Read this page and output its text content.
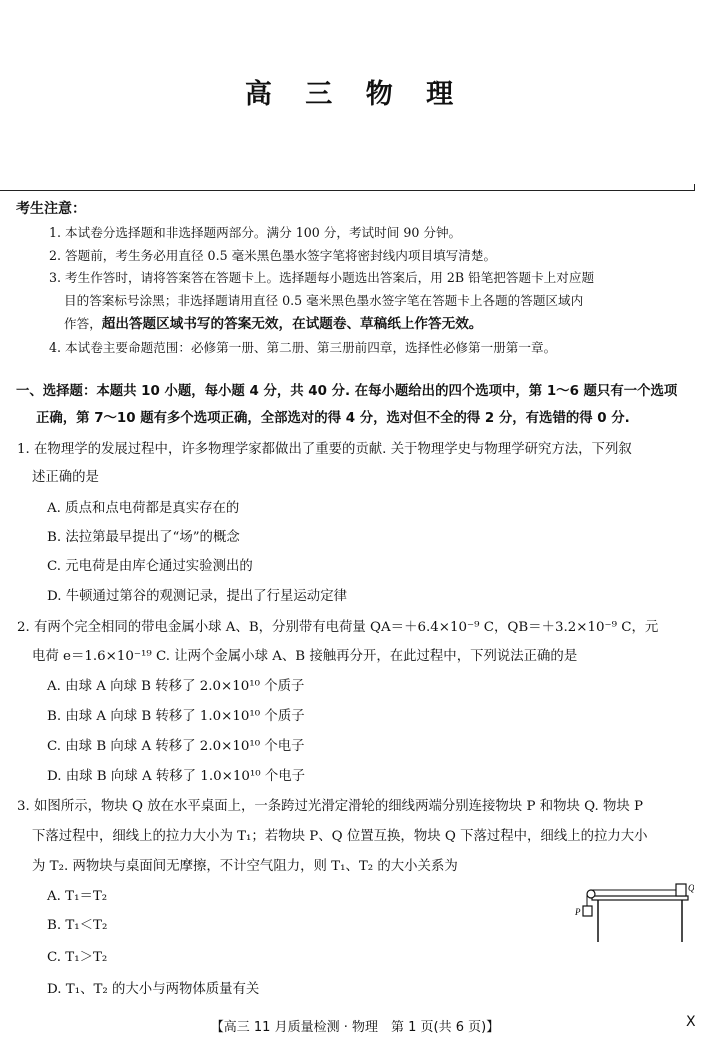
高 三 物 理
考生注意：
1. 本试卷分选择题和非选择题两部分。满分 100 分，考试时间 90 分钟。
2. 答题前，考生务必用直径 0.5 毫米黑色墨水签字笔将密封线内项目填写清楚。
3. 考生作答时，请将答案答在答题卡上。选择题每小题选出答案后，用 2B 铅笔把答题卡上对应题
目的答案标号涂黑；非选择题请用直径 0.5 毫米黑色墨水签字笔在答题卡上各题的答题区域内
作答，超出答题区域书写的答案无效，在试题卷、草稿纸上作答无效。
4. 本试卷主要命题范围：必修第一册、第二册、第三册前四章，选择性必修第一册第一章。
一、选择题：本题共 10 小题，每小题 4 分，共 40 分. 在每小题给出的四个选项中，第 1～6 题只有一个选项
正确，第 7～10 题有多个选项正确，全部选对的得 4 分，选对但不全的得 2 分，有选错的得 0 分.
1. 在物理学的发展过程中，许多物理学家都做出了重要的贡献. 关于物理学史与物理学研究方法，下列叙
述正确的是
A. 质点和点电荷都是真实存在的
B. 法拉第最早提出了“场”的概念
C. 元电荷是由库仑通过实验测出的
D. 牛顿通过第谷的观测记录，提出了行星运动定律
2. 有两个完全相同的带电金属小球 A、B，分别带有电荷量 QA＝＋6.4×10⁻⁹ C，QB＝＋3.2×10⁻⁹ C，元
电荷 e＝1.6×10⁻¹⁹ C. 让两个金属小球 A、B 接触再分开，在此过程中，下列说法正确的是
A. 由球 A 向球 B 转移了 2.0×10¹⁰ 个质子
B. 由球 A 向球 B 转移了 1.0×10¹⁰ 个质子
C. 由球 B 向球 A 转移了 2.0×10¹⁰ 个电子
D. 由球 B 向球 A 转移了 1.0×10¹⁰ 个电子
3. 如图所示，物块 Q 放在水平桌面上，一条跨过光滑定滑轮的细线两端分别连接物块 P 和物块 Q. 物块 P
下落过程中，细线上的拉力大小为 T₁；若物块 P、Q 位置互换，物块 Q 下落过程中，细线上的拉力大小
为 T₂. 两物块与桌面间无摩擦，不计空气阻力，则 T₁、T₂ 的大小关系为
A. T₁＝T₂
B. T₁＜T₂
C. T₁＞T₂
D. T₁、T₂ 的大小与两物体质量有关
Q
P
【高三 11 月质量检测 · 物理　第 1 页(共 6 页)】	X
